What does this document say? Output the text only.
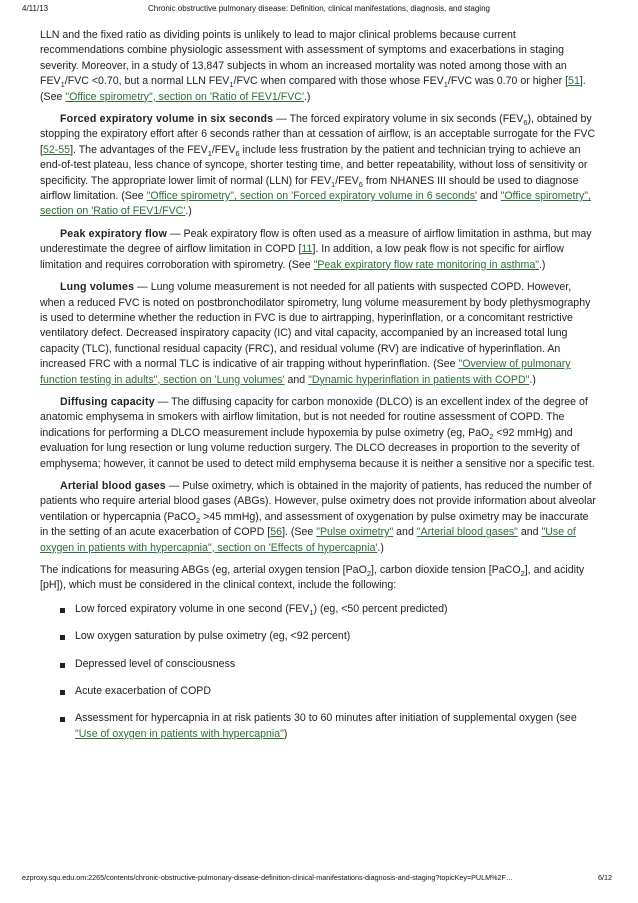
4/11/13	Chronic obstructive pulmonary disease: Definition, clinical manifestations, diagnosis, and staging

LLN and the fixed ratio as dividing points is unlikely to lead to major clinical problems because current recommendations combine physiologic assessment with assessment of symptoms and exacerbations in staging severity. Moreover, in a study of 13,847 subjects in whom an increased mortality was noted among those with an $FEV_1$/FVC <0.70, but a normal LLN $FEV_1$/FVC when compared with those whose $FEV_1$/FVC was 0.70 or higher [51]. (See "Office spirometry", section on 'Ratio of FEV1/FVC'.)

Forced expiratory volume in six seconds — The forced expiratory volume in six seconds $(FEV_6)$, obtained by stopping the expiratory effort after 6 seconds rather than at cessation of airflow, is an acceptable surrogate for the FVC [52-55]. The advantages of the $FEV_1/FEV_6$ include less frustration by the patient and technician trying to achieve an end-of-test plateau, less chance of syncope, shorter testing time, and better repeatability, without loss of sensitivity or specificity. The appropriate lower limit of normal (LLN) for $FEV_1/FEV_6$ from NHANES III should be used to diagnose airflow limitation. (See "Office spirometry", section on 'Forced expiratory volume in 6 seconds' and "Office spirometry", section on 'Ratio of FEV1/FVC'.)

Peak expiratory flow — Peak expiratory flow is often used as a measure of airflow limitation in asthma, but may underestimate the degree of airflow limitation in COPD [11]. In addition, a low peak flow is not specific for airflow limitation and requires corroboration with spirometry. (See "Peak expiratory flow rate monitoring in asthma".)

Lung volumes — Lung volume measurement is not needed for all patients with suspected COPD. However, when a reduced FVC is noted on postbronchodilator spirometry, lung volume measurement by body plethysmography is used to determine whether the reduction in FVC is due to airtrapping, hyperinflation, or a concomitant restrictive ventilatory defect. Decreased inspiratory capacity (IC) and vital capacity, accompanied by an increased total lung capacity (TLC), functional residual capacity (FRC), and residual volume (RV) are indicative of hyperinflation. An increased FRC with a normal TLC is indicative of air trapping without hyperinflation. (See "Overview of pulmonary function testing in adults", section on 'Lung volumes' and "Dynamic hyperinflation in patients with COPD".)

Diffusing capacity — The diffusing capacity for carbon monoxide (DLCO) is an excellent index of the degree of anatomic emphysema in smokers with airflow limitation, but is not needed for routine assessment of COPD. The indications for performing a DLCO measurement include hypoxemia by pulse oximetry (eg, PaO$_2$ <92 mmHg) and evaluation for lung resection or lung volume reduction surgery. The DLCO decreases in proportion to the severity of emphysema; however, it cannot be used to detect mild emphysema because it is neither a sensitive nor a specific test.

Arterial blood gases — Pulse oximetry, which is obtained in the majority of patients, has reduced the number of patients who require arterial blood gases (ABGs). However, pulse oximetry does not provide information about alveolar ventilation or hypercapnia (PaCO$_2$ >45 mmHg), and assessment of oxygenation by pulse oximetry may be inaccurate in the setting of an acute exacerbation of COPD [56]. (See "Pulse oximetry" and "Arterial blood gases" and "Use of oxygen in patients with hypercapnia", section on 'Effects of hypercapnia'.)

The indications for measuring ABGs (eg, arterial oxygen tension [PaO$_2$], carbon dioxide tension [PaCO$_2$], and acidity [pH]), which must be considered in the clinical context, include the following:

Low forced expiratory volume in one second $(FEV_1)$ (eg, <50 percent predicted)
Low oxygen saturation by pulse oximetry (eg, <92 percent)
Depressed level of consciousness
Acute exacerbation of COPD
Assessment for hypercapnia in at risk patients 30 to 60 minutes after initiation of supplemental oxygen (see "Use of oxygen in patients with hypercapnia")
ezproxy.squ.edu.om:2265/contents/chronic-obstructive-pulmonary-disease-definition-clinical-manifestations-diagnosis-and-staging?topicKey=PULM%2F…	6/12
